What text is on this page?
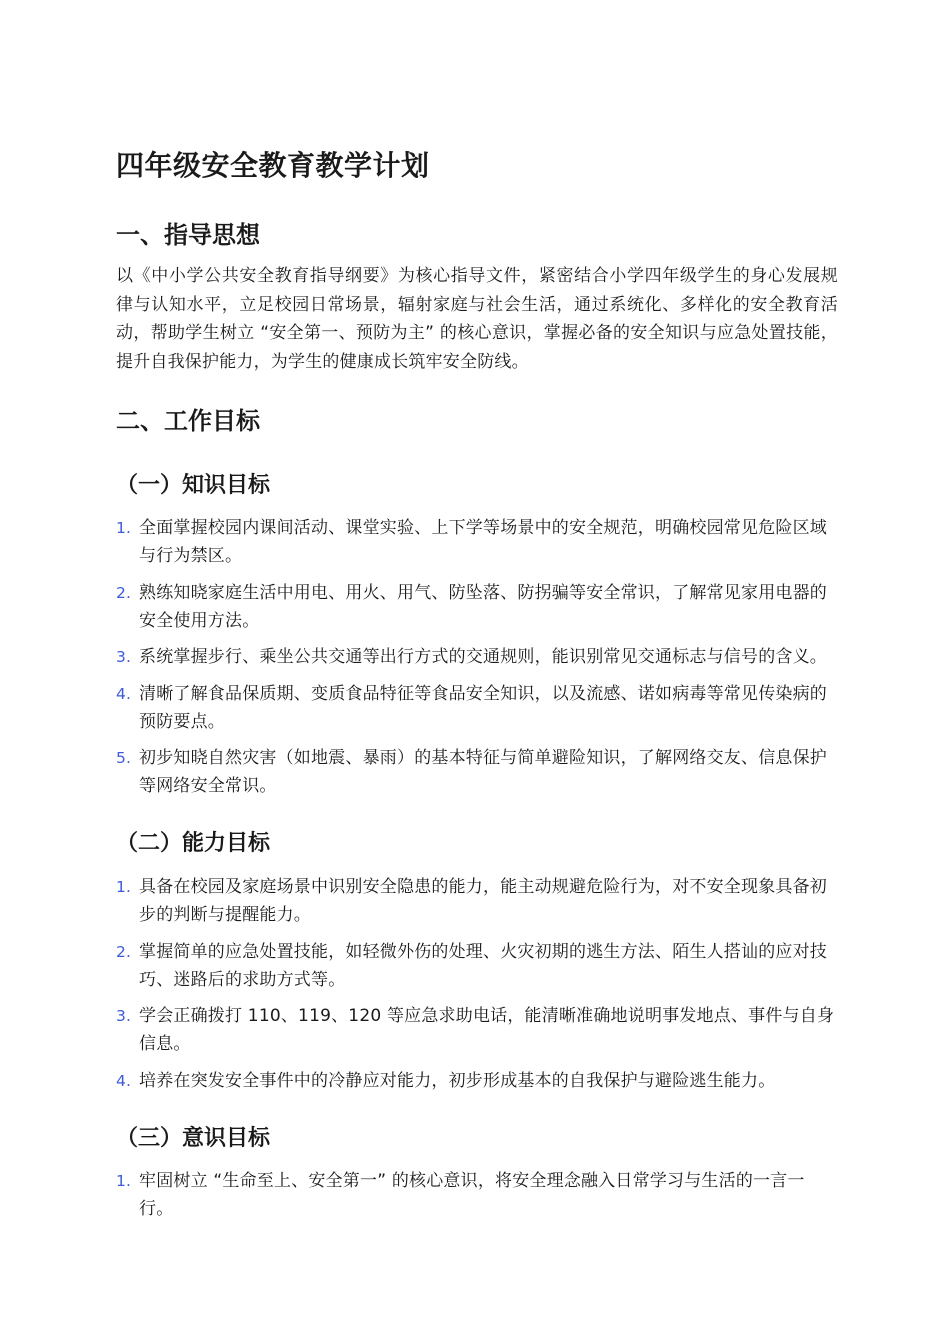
四年级安全教育教学计划
一、指导思想

以《中小学公共安全教育指导纲要》为核心指导文件，紧密结合小学四年级学生的身心发展规律与认知水平，立足校园日常场景，辐射家庭与社会生活，通过系统化、多样化的安全教育活动，帮助学生树立 “安全第一、预防为主” 的核心意识，掌握必备的安全知识与应急处置技能，提升自我保护能力，为学生的健康成长筑牢安全防线。

二、工作目标
（一）知识目标
1. 全面掌握校园内课间活动、课堂实验、上下学等场景中的安全规范，明确校园常见危险区域与行为禁区。
2. 熟练知晓家庭生活中用电、用火、用气、防坠落、防拐骗等安全常识，了解常见家用电器的安全使用方法。
3. 系统掌握步行、乘坐公共交通等出行方式的交通规则，能识别常见交通标志与信号的含义。
4. 清晰了解食品保质期、变质食品特征等食品安全知识，以及流感、诺如病毒等常见传染病的预防要点。
5. 初步知晓自然灾害（如地震、暴雨）的基本特征与简单避险知识，了解网络交友、信息保护等网络安全常识。
（二）能力目标
1. 具备在校园及家庭场景中识别安全隐患的能力，能主动规避危险行为，对不安全现象具备初步的判断与提醒能力。
2. 掌握简单的应急处置技能，如轻微外伤的处理、火灾初期的逃生方法、陌生人搭讪的应对技巧、迷路后的求助方式等。
3. 学会正确拨打 110、119、120 等应急求助电话，能清晰准确地说明事发地点、事件与自身信息。
4. 培养在突发安全事件中的冷静应对能力，初步形成基本的自我保护与避险逃生能力。
（三）意识目标
1. 牢固树立 “生命至上、安全第一” 的核心意识，将安全理念融入日常学习与生活的一言一行。
